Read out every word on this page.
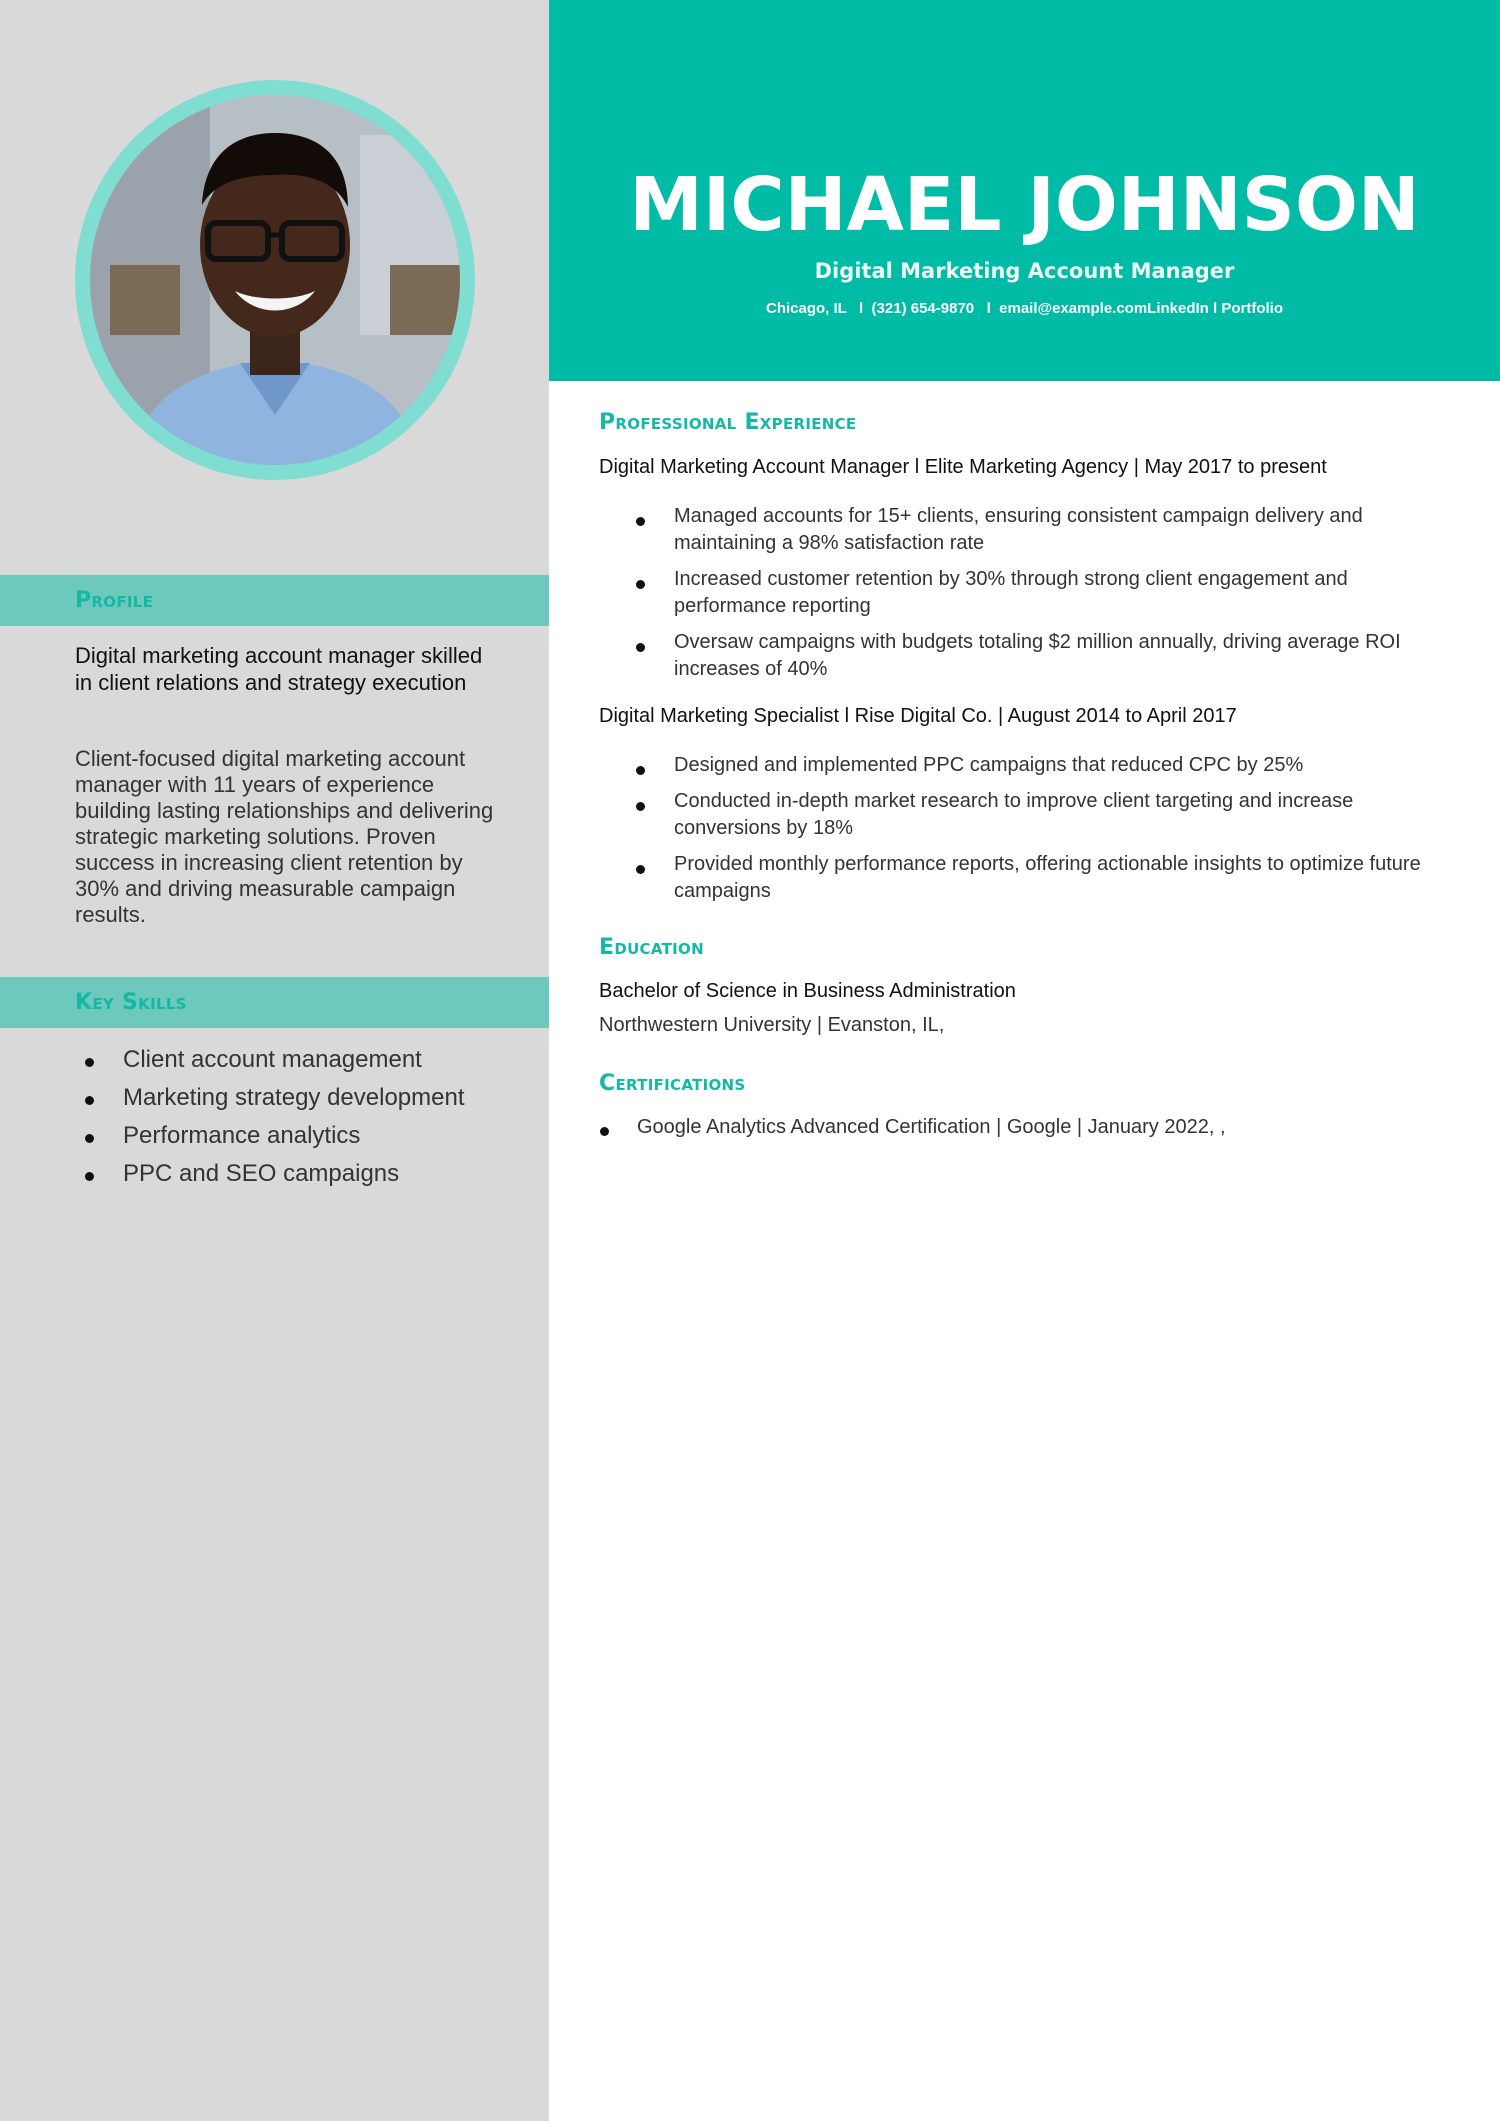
Profile
Digital marketing account manager skilled in client relations and strategy execution
Client-focused digital marketing account manager with 11 years of experience building lasting relationships and delivering strategic marketing solutions. Proven success in increasing client retention by 30% and driving measurable campaign results.
Key Skills
Client account management
Marketing strategy development
Performance analytics
PPC and SEO campaigns
MICHAEL JOHNSON
Digital Marketing Account Manager
Chicago, IL   l  (321) 654-9870   l  email@example.comLinkedIn l Portfolio
Professional Experience
Digital Marketing Account Manager l Elite Marketing Agency | May 2017 to present
Managed accounts for 15+ clients, ensuring consistent campaign delivery and maintaining a 98% satisfaction rate
Increased customer retention by 30% through strong client engagement and performance reporting
Oversaw campaigns with budgets totaling $2 million annually, driving average ROI increases of 40%
Digital Marketing Specialist l Rise Digital Co. | August 2014 to April 2017
Designed and implemented PPC campaigns that reduced CPC by 25%
Conducted in-depth market research to improve client targeting and increase conversions by 18%
Provided monthly performance reports, offering actionable insights to optimize future campaigns
Education
Bachelor of Science in Business Administration
Northwestern University | Evanston, IL,
Certifications
Google Analytics Advanced Certification | Google | January 2022, ,
